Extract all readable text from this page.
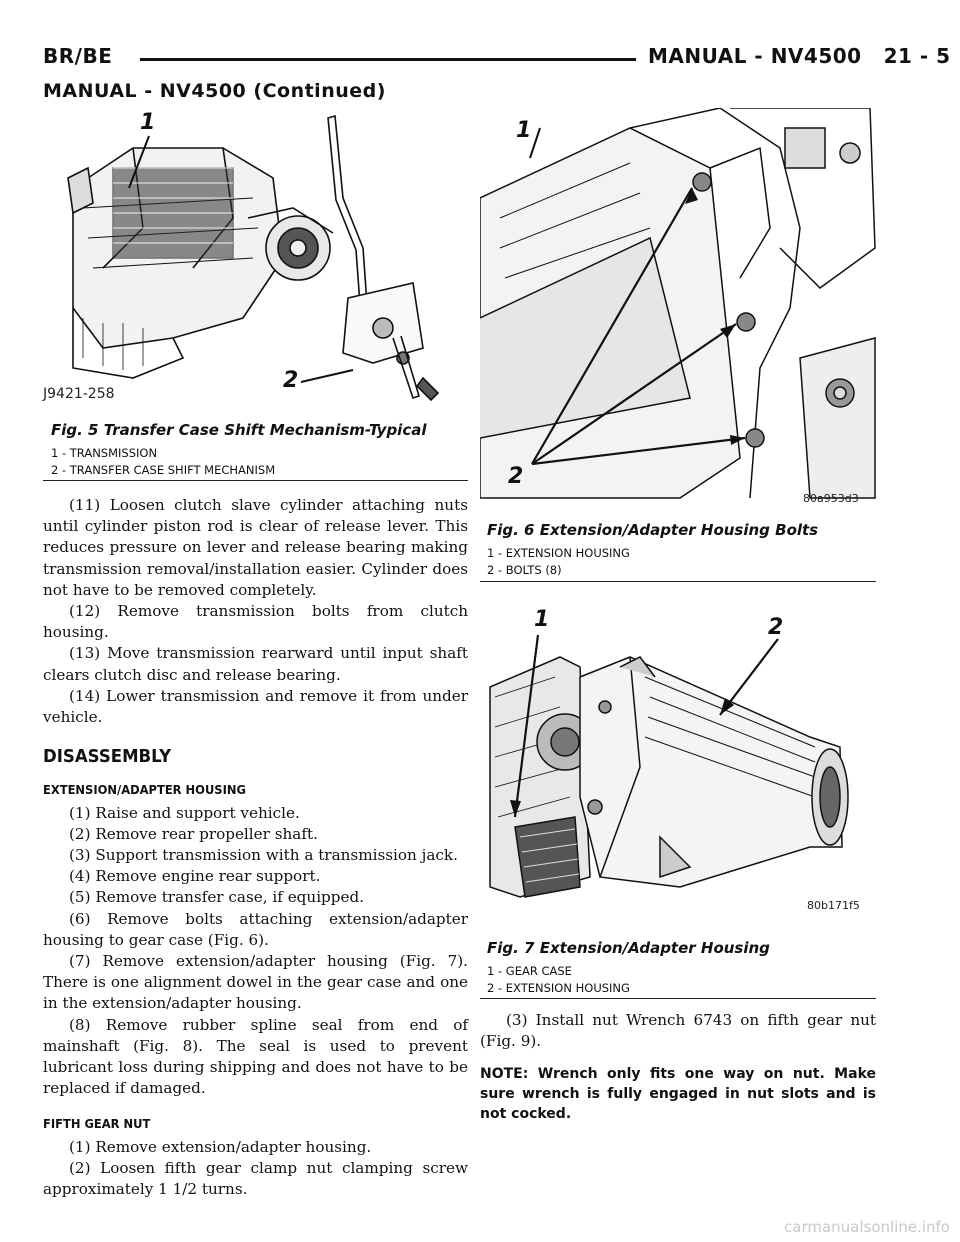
BR/BE	MANUAL - NV4500 21 - 5
MANUAL - NV4500 (Continued)
1
2
J9421-258
Fig. 5 Transfer Case Shift Mechanism-Typical
1 - TRANSMISSION
2 - TRANSFER CASE SHIFT MECHANISM
1
2
80a953d3
Fig. 6 Extension/Adapter Housing Bolts
1 - EXTENSION HOUSING
2 - BOLTS (8)
1	2
80b171f5
Fig. 7 Extension/Adapter Housing
1 - GEAR CASE
2 - EXTENSION HOUSING

(11) Loosen clutch slave cylinder attaching nuts until cylinder piston rod is clear of release lever. This reduces pressure on lever and release bearing making transmission removal/installation easier. Cylinder does not have to be removed completely.

(12) Remove transmission bolts from clutch housing.

(13) Move transmission rearward until input shaft clears clutch disc and release bearing.

(14) Lower transmission and remove it from under vehicle.

DISASSEMBLY
EXTENSION/ADAPTER HOUSING

(1) Raise and support vehicle.

(2) Remove rear propeller shaft.

(3) Support transmission with a transmission jack.

(4) Remove engine rear support.

(5) Remove transfer case, if equipped.

(6) Remove bolts attaching extension/adapter housing to gear case (Fig. 6).

(7) Remove extension/adapter housing (Fig. 7). There is one alignment dowel in the gear case and one in the extension/adapter housing.

(8) Remove rubber spline seal from end of mainshaft (Fig. 8). The seal is used to prevent lubricant loss during shipping and does not have to be replaced if damaged.

FIFTH GEAR NUT

(1) Remove extension/adapter housing.

(2) Loosen fifth gear clamp nut clamping screw approximately 1 1/2 turns.

(3) Install nut Wrench 6743 on fifth gear nut (Fig. 9).

NOTE: Wrench only fits one way on nut. Make sure wrench is fully engaged in nut slots and is not cocked.

carmanualsonline.info
